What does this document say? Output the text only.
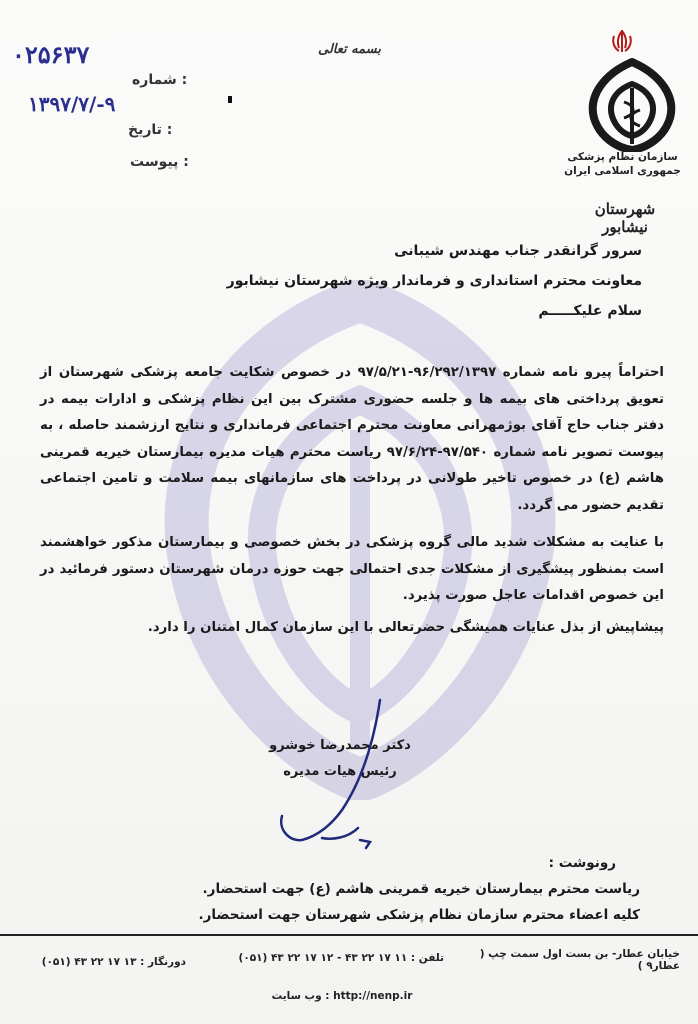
بسمه تعالی
۰۲۵۶۳۷
: شماره
۱۳۹۷/۷/-۹
: تاریخ
: پیوست	سازمان نظام پزشکی جمهوری اسلامی ایران
شهرستان نیشابور
سرور گرانقدر جناب مهندس شیبانی
معاونت محترم استانداری و فرماندار ویژه شهرستان نیشابور
سلام علیکـــــم
احتراماً پیرو نامه شماره ۹۶/۲۹۲/۱۳۹۷-۹۷/۵/۲۱ در خصوص شکایت جامعه پزشکی شهرستان از تعویق پرداختی های بیمه ها و جلسه حضوری مشترک بین این نظام پزشکی و ادارات بیمه در دفتر جناب حاج آقای بوژمهرانی معاونت محترم اجتماعی فرمانداری و نتایج ارزشمند حاصله ، به پیوست تصویر نامه شماره ۹۷/۵۴۰-۹۷/۶/۲۴ ریاست محترم هیات مدیره بیمارستان خیریه قمرینی هاشم (ع) در خصوص تاخیر طولانی در پرداخت های سازمانهای بیمه سلامت و تامین اجتماعی تقدیم حضور می گردد.
با عنایت به مشکلات شدید مالی گروه پزشکی در بخش خصوصی و بیمارستان مذکور خواهشمند است بمنظور پیشگیری از مشکلات جدی احتمالی جهت حوزه درمان شهرستان دستور فرمائید در این خصوص اقدامات عاجل صورت پذیرد.
پیشاپیش از بذل عنایات همیشگی حضرتعالی با این سازمان کمال امتنان را دارد.
دکتر محمدرضا خوشرو
رئیس هیات مدیره
رونوشت :
ریاست محترم بیمارستان خیریه قمرینی هاشم (ع) جهت استحضار.
کلیه اعضاء محترم سازمان نظام پزشکی شهرستان جهت استحضار.
خیابان عطار- بن بست اول سمت چپ ( عطار۹ )
تلفن : ۱۱ ۱۷ ۲۲ ۴۳ - ۱۲ ۱۷ ۲۲ ۴۳ (۰۵۱)
دورنگار : ۱۳ ۱۷ ۲۲ ۴۳ (۰۵۱)
http://nenp.ir : وب سایت
